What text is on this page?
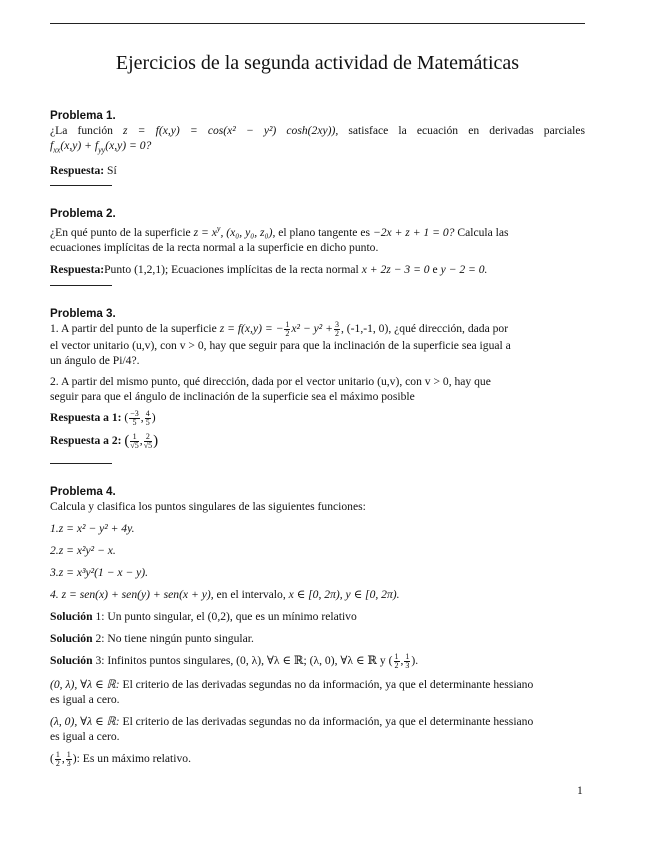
Ejercicios de la segunda actividad de Matemáticas
Problema 1.
¿La función z = f(x,y) = cos(x² − y²) cosh(2xy)), satisface la ecuación en derivadas parciales
$f_{xx}(x,y) + f_{yy}(x,y) = 0$?
Respuesta: Sí
Problema 2.
¿En qué punto de la superficie $z = x^y$, (x₀, y₀, z₀), el plano tangente es −2x + z + 1 = 0? Calcula las
ecuaciones implícitas de la recta normal a la superficie en dicho punto.
Respuesta:Punto (1,2,1); Ecuaciones implícitas de la recta normal x + 2z − 3 = 0 e y − 2 = 0.
Problema 3.
1. A partir del punto de la superficie z = f(x,y) = − $\frac{1}{2} x^2 - y^2 + \frac{3}{2}$ , (-1,-1, 0), ¿qué dirección, dada por
el vector unitario (u,v), con v > 0, hay que seguir para que la inclinación de la superficie sea igual a
un ángulo de Pi/4?.
2. A partir del mismo punto, qué dirección, dada por el vector unitario (u,v), con v > 0, hay que
seguir para que el ángulo de inclinación de la superficie sea el máximo posible
Respuesta a 1: ( $\frac{-3}{5}$ , $\frac{4}{5}$ )
Respuesta a 2: ( $\frac{1}{√5}$ , $\frac{2}{√5}$ )
Problema 4.
Calcula y clasifica los puntos singulares de las siguientes funciones:
1.z = x² − y² + 4y.
2.z = x²y² − x.
3.z = x³y²(1 − x − y).
4. z = sen(x) + sen(y) + sen(x + y), en el intervalo, x ∈ [0, 2π), y ∈ [0, 2π).
Solución 1: Un punto singular, el (0,2), que es un mínimo relativo
Solución 2: No tiene ningún punto singular.
Solución 3: Infinitos puntos singulares, (0, λ), ∀λ ∈ ℝ; (λ, 0), ∀λ ∈ ℝ y ( $\frac{1}{2}$ , $\frac{1}{3}$ ).
(0, λ), ∀λ ∈ ℝ: El criterio de las derivadas segundas no da información, ya que el determinante hessiano
es igual a cero.
(λ, 0), ∀λ ∈ ℝ: El criterio de las derivadas segundas no da información, ya que el determinante hessiano
es igual a cero.
( $\frac{1}{2}$ , $\frac{1}{3}$ ): Es un máximo relativo.
1
